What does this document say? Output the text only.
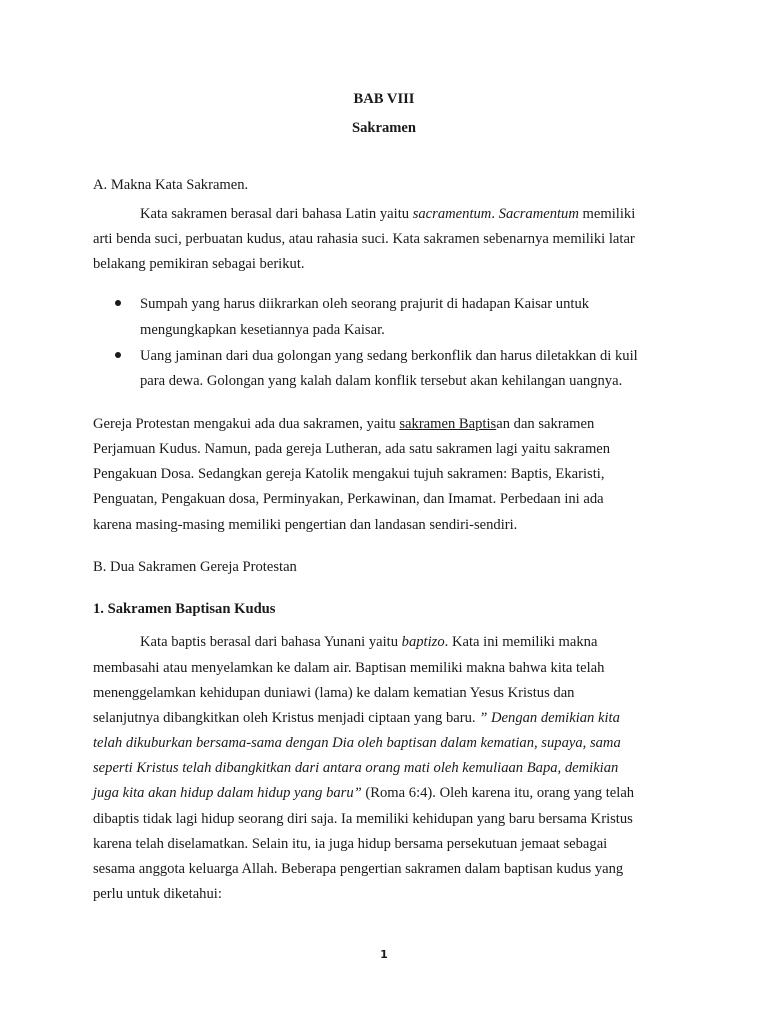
BAB VIII
Sakramen
A. Makna Kata Sakramen.
Kata sakramen berasal dari bahasa Latin yaitu sacramentum. Sacramentum memiliki
arti benda suci, perbuatan kudus, atau rahasia suci. Kata sakramen sebenarnya memiliki latar
belakang pemikiran sebagai berikut.
Sumpah yang harus diikrarkan oleh seorang prajurit di hadapan Kaisar untuk
mengungkapkan kesetiannya pada Kaisar.
Uang jaminan dari dua golongan yang sedang berkonflik dan harus diletakkan di kuil
para dewa. Golongan yang kalah dalam konflik tersebut akan kehilangan uangnya.
Gereja Protestan mengakui ada dua sakramen, yaitu sakramen Baptisan dan sakramen
Perjamuan Kudus. Namun, pada gereja Lutheran, ada satu sakramen lagi yaitu sakramen
Pengakuan Dosa. Sedangkan gereja Katolik mengakui tujuh sakramen: Baptis, Ekaristi,
Penguatan, Pengakuan dosa, Perminyakan, Perkawinan, dan Imamat. Perbedaan ini ada
karena masing-masing memiliki pengertian dan landasan sendiri-sendiri.
B. Dua Sakramen Gereja Protestan
1. Sakramen Baptisan Kudus
Kata baptis berasal dari bahasa Yunani yaitu baptizo. Kata ini memiliki makna
membasahi atau menyelamkan ke dalam air. Baptisan memiliki makna bahwa kita telah
menenggelamkan kehidupan duniawi (lama) ke dalam kematian Yesus Kristus dan
selanjutnya dibangkitkan oleh Kristus menjadi ciptaan yang baru. ” Dengan demikian kita
telah dikuburkan bersama-sama dengan Dia oleh baptisan dalam kematian, supaya, sama
seperti Kristus telah dibangkitkan dari antara orang mati oleh kemuliaan Bapa, demikian
juga kita akan hidup dalam hidup yang baru” (Roma 6:4). Oleh karena itu, orang yang telah
dibaptis tidak lagi hidup seorang diri saja. Ia memiliki kehidupan yang baru bersama Kristus
karena telah diselamatkan. Selain itu, ia juga hidup bersama persekutuan jemaat sebagai
sesama anggota keluarga Allah. Beberapa pengertian sakramen dalam baptisan kudus yang
perlu untuk diketahui:
1
